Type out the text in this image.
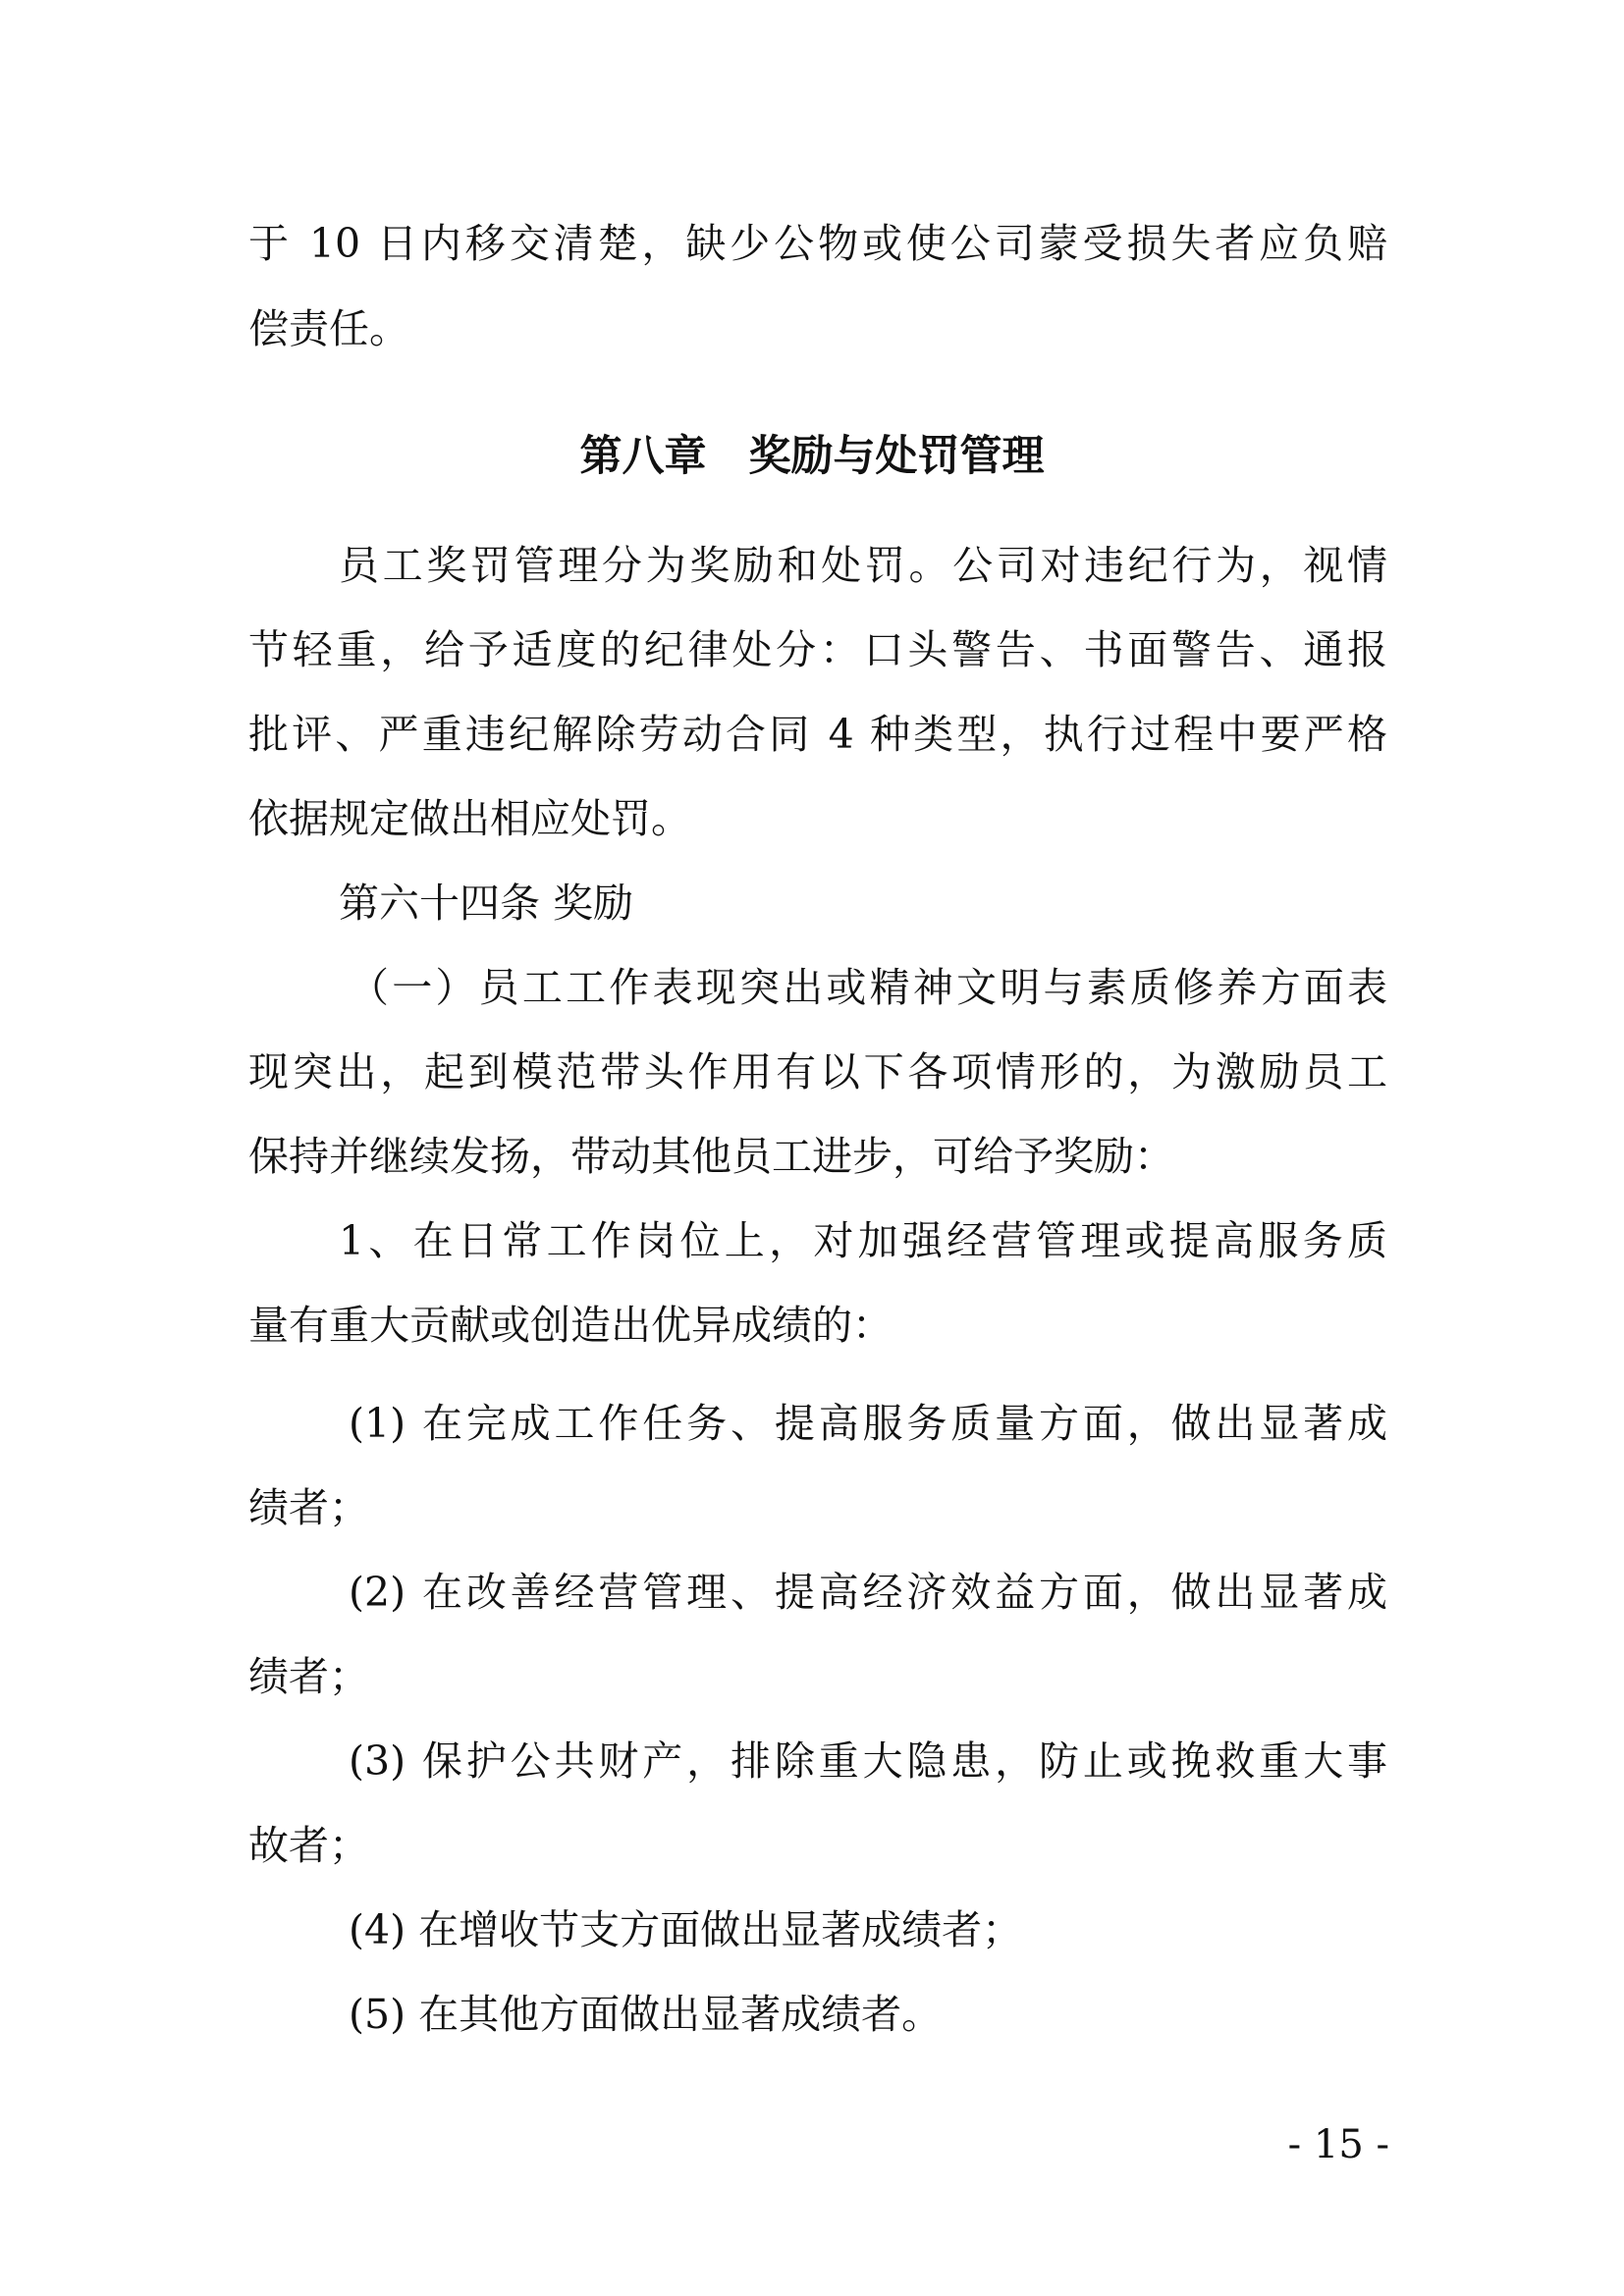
于 10 日内移交清楚，缺少公物或使公司蒙受损失者应负赔
偿责任。
第八章　奖励与处罚管理
员工奖罚管理分为奖励和处罚。公司对违纪行为，视情
节轻重，给予适度的纪律处分：口头警告、书面警告、通报
批评、严重违纪解除劳动合同 4 种类型，执行过程中要严格
依据规定做出相应处罚。
第六十四条 奖励
（一）员工工作表现突出或精神文明与素质修养方面表
现突出，起到模范带头作用有以下各项情形的，为激励员工
保持并继续发扬，带动其他员工进步，可给予奖励：
1、在日常工作岗位上，对加强经营管理或提高服务质
量有重大贡献或创造出优异成绩的：
(1) 在完成工作任务、提高服务质量方面，做出显著成
绩者；
(2) 在改善经营管理、提高经济效益方面，做出显著成
绩者；
(3) 保护公共财产，排除重大隐患，防止或挽救重大事
故者；
(4) 在增收节支方面做出显著成绩者；
(5) 在其他方面做出显著成绩者。
- 15 -
